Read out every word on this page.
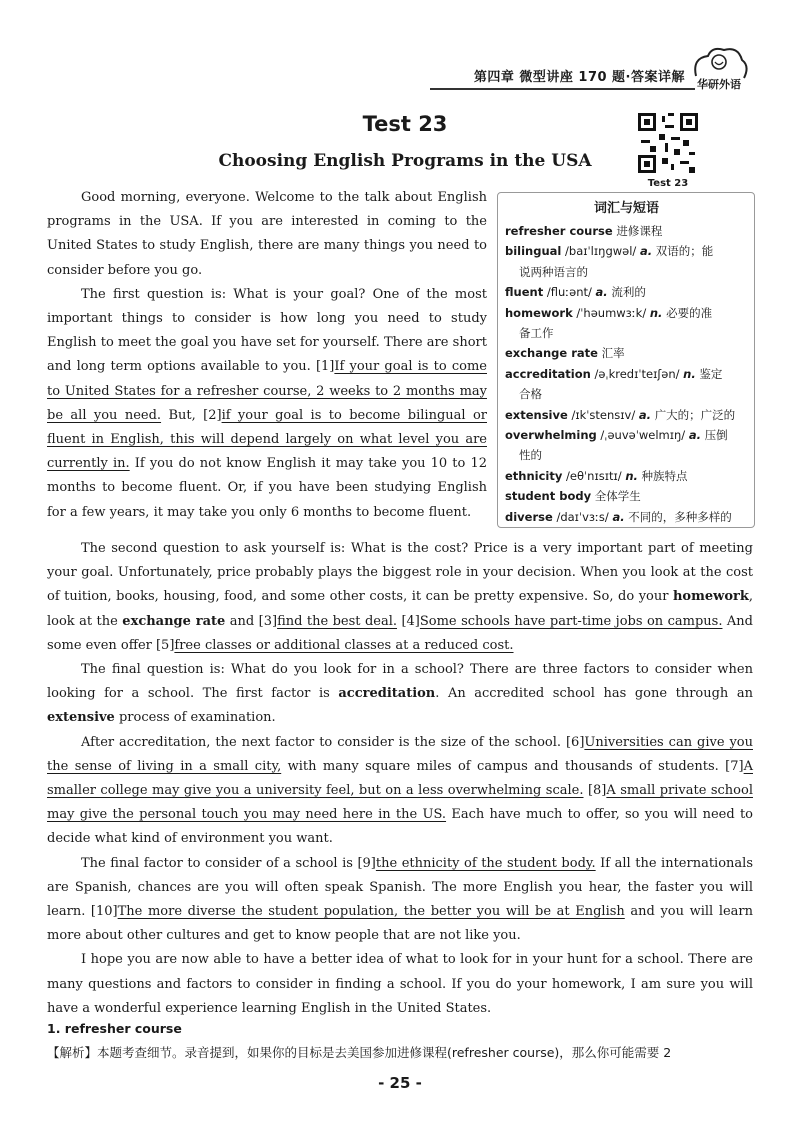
第四章 微型讲座 170 题·答案详解	华研外语
Test 23
Choosing English Programs in the USA
Test 23
词汇与短语
refresher course 进修课程
bilingual /baɪˈlɪŋgwəl/ a. 双语的；能
说两种语言的
fluent /fluːənt/ a. 流利的
homework /ˈhəumwɜːk/ n. 必要的准
备工作
exchange rate 汇率
accreditation /əˌkredɪˈteɪʃən/ n. 鉴定
合格
extensive /ɪkˈstensɪv/ a. 广大的；广泛的
overwhelming /ˌəuvəˈwelmɪŋ/ a. 压倒
性的
ethnicity /eθˈnɪsɪtɪ/ n. 种族特点
student body 全体学生
diverse /daɪˈvɜːs/ a. 不同的，多种多样的

Good morning, everyone. Welcome to the talk about English programs in the USA. If you are interested in coming to the United States to study English, there are many things you need to consider before you go.

The first question is: What is your goal? One of the most important things to consider is how long you need to study English to meet the goal you have set for yourself. There are short and long term options available to you. [1]If your goal is to come to United States for a refresher course, 2 weeks to 2 months may be all you need. But, [2]if your goal is to become bilingual or fluent in English, this will depend largely on what level you are currently in. If you do not know English it may take you 10 to 12 months to become fluent. Or, if you have been studying English for a few years, it may take you only 6 months to become fluent.

The second question to ask yourself is: What is the cost? Price is a very important part of meeting your goal. Unfortunately, price probably plays the biggest role in your decision. When you look at the cost of tuition, books, housing, food, and some other costs, it can be pretty expensive. So, do your homework, look at the exchange rate and [3]find the best deal. [4]Some schools have part-time jobs on campus. And some even offer [5]free classes or additional classes at a reduced cost.

The final question is: What do you look for in a school? There are three factors to consider when looking for a school. The first factor is accreditation. An accredited school has gone through an extensive process of examination.

After accreditation, the next factor to consider is the size of the school. [6]Universities can give you the sense of living in a small city, with many square miles of campus and thousands of students. [7]A smaller college may give you a university feel, but on a less overwhelming scale. [8]A small private school may give the personal touch you may need here in the US. Each have much to offer, so you will need to decide what kind of environment you want.

The final factor to consider of a school is [9]the ethnicity of the student body. If all the internationals are Spanish, chances are you will often speak Spanish. The more English you hear, the faster you will learn. [10]The more diverse the student population, the better you will be at English and you will learn more about other cultures and get to know people that are not like you.

I hope you are now able to have a better idea of what to look for in your hunt for a school. There are many questions and factors to consider in finding a school. If you do your homework, I am sure you will have a wonderful experience learning English in the United States.

1. refresher course
【解析】本题考查细节。录音提到，如果你的目标是去美国参加进修课程(refresher course)，那么你可能需要 2
- 25 -
